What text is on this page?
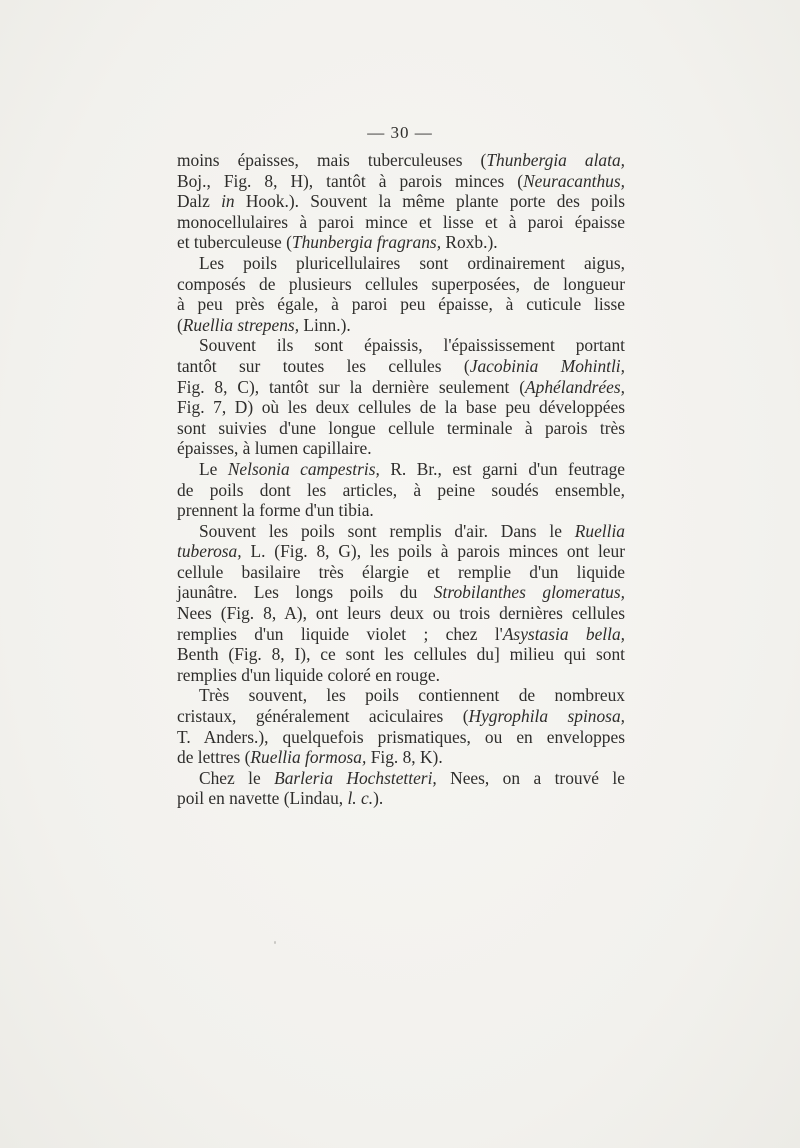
— 30 —
moins épaisses, mais tuberculeuses (Thunbergia alata,
Boj., Fig. 8, H), tantôt à parois minces (Neuracanthus,
Dalz in Hook.). Souvent la même plante porte des poils
monocellulaires à paroi mince et lisse et à paroi épaisse
et tuberculeuse (Thunbergia fragrans, Roxb.).
Les poils pluricellulaires sont ordinairement aigus,
composés de plusieurs cellules superposées, de longueur
à peu près égale, à paroi peu épaisse, à cuticule lisse
(Ruellia strepens, Linn.).
Souvent ils sont épaissis, l'épaississement portant
tantôt sur toutes les cellules (Jacobinia Mohintli,
Fig. 8, C), tantôt sur la dernière seulement (Aphélandrées,
Fig. 7, D) où les deux cellules de la base peu développées
sont suivies d'une longue cellule terminale à parois très
épaisses, à lumen capillaire.
Le Nelsonia campestris, R. Br., est garni d'un feutrage
de poils dont les articles, à peine soudés ensemble,
prennent la forme d'un tibia.
Souvent les poils sont remplis d'air. Dans le Ruellia
tuberosa, L. (Fig. 8, G), les poils à parois minces ont leur
cellule basilaire très élargie et remplie d'un liquide
jaunâtre. Les longs poils du Strobilanthes glomeratus,
Nees (Fig. 8, A), ont leurs deux ou trois dernières cellules
remplies d'un liquide violet ; chez l'Asystasia bella,
Benth (Fig. 8, I), ce sont les cellules du] milieu qui sont
remplies d'un liquide coloré en rouge.
Très souvent, les poils contiennent de nombreux
cristaux, généralement aciculaires (Hygrophila spinosa,
T. Anders.), quelquefois prismatiques, ou en enveloppes
de lettres (Ruellia formosa, Fig. 8, K).
Chez le Barleria Hochstetteri, Nees, on a trouvé le
poil en navette (Lindau, l. c.).
